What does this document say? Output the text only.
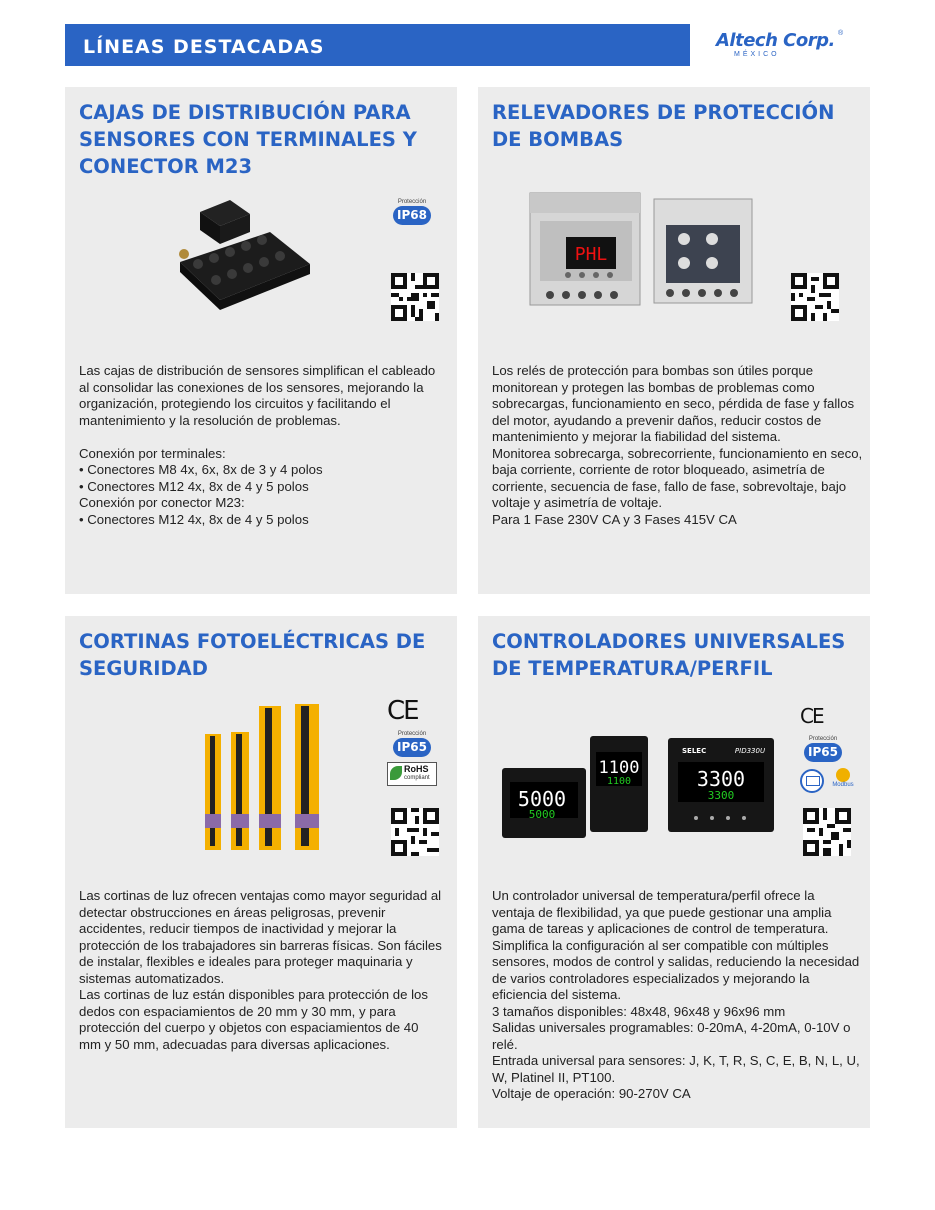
LÍNEAS DESTACADAS	Altech Corp. ®
MÉXICO
CAJAS DE DISTRIBUCIÓN PARA SENSORES CON TERMINALES Y CONECTOR M23
Protección
IP68
Las cajas de distribución de sensores simplifican el cableado al consolidar las conexiones de los sensores, mejorando la organización, protegiendo los circuitos y facilitando el mantenimiento y la resolución de problemas.

Conexión por terminales:
• Conectores M8 4x, 6x, 8x de 3 y 4 polos
• Conectores M12 4x, 8x de 4 y 5 polos
Conexión por conector M23:
• Conectores M12 4x, 8x de 4 y 5 polos
RELEVADORES DE PROTECCIÓN DE BOMBAS
PHL
Los relés de protección para bombas son útiles porque monitorean y protegen las bombas de problemas como sobrecargas, funcionamiento en seco, pérdida de fase y fallos del motor, ayudando a prevenir daños, reducir costos de mantenimiento y mejorar la fiabilidad del sistema.
Monitorea sobrecarga, sobrecorriente, funcionamiento en seco, baja corriente, corriente de rotor bloqueado, asimetría de corriente, secuencia de fase, fallo de fase, sobrevoltaje, bajo voltaje y asimetría de voltaje.
Para 1 Fase 230V CA y 3 Fases 415V CA
CORTINAS FOTOELÉCTRICAS DE SEGURIDAD
CE
Protección
IP65
RoHS
compliant
Las cortinas de luz ofrecen ventajas como mayor seguridad al detectar obstrucciones en áreas peligrosas, prevenir accidentes, reducir tiempos de inactividad y mejorar la protección de los trabajadores sin barreras físicas. Son fáciles de instalar, flexibles e ideales para proteger maquinaria y sistemas automatizados.
Las cortinas de luz están disponibles para protección de los dedos con espaciamientos de 20 mm y 30 mm, y para protección del cuerpo y objetos con espaciamientos de 40 mm y 50 mm, adecuadas para diversas aplicaciones.
CONTROLADORES UNIVERSALES DE TEMPERATURA/PERFIL
5000
5000
1100
1100
SELEC	PID330U
3300
3300
CE
Protección
IP65
Modbus
Un controlador universal de temperatura/perfil ofrece la ventaja de flexibilidad, ya que puede gestionar una amplia gama de tareas y aplicaciones de control de temperatura. Simplifica la configuración al ser compatible con múltiples sensores, modos de control y salidas, reduciendo la necesidad de varios controladores especializados y mejorando la eficiencia del sistema.
3 tamaños disponibles: 48x48, 96x48 y 96x96 mm
Salidas universales programables: 0-20mA, 4-20mA, 0-10V o relé.
Entrada universal para sensores: J, K, T, R, S, C, E, B, N, L, U, W, Platinel II, PT100.
Voltaje de operación: 90-270V CA
